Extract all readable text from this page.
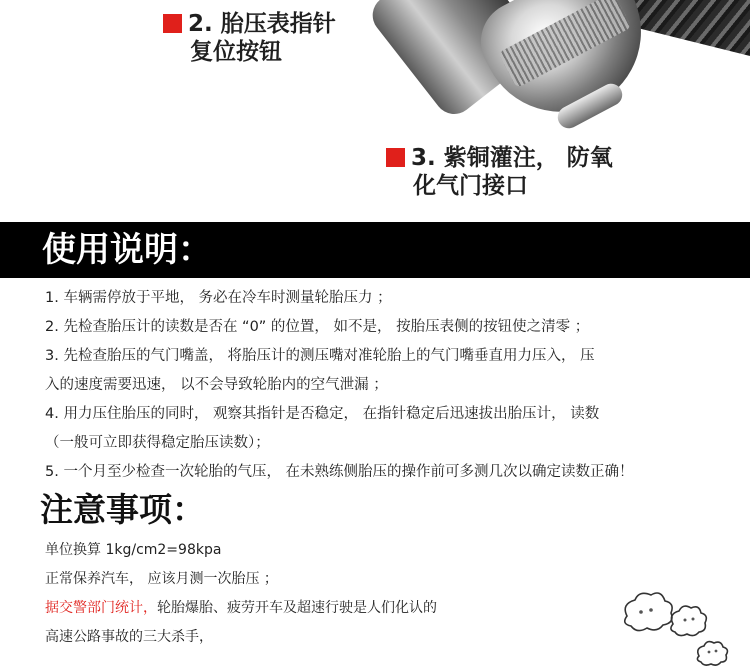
2. 胎压表指针
复位按钮
3. 紫铜灌注， 防氧
化气门接口
使用说明：
1. 车辆需停放于平地， 务必在冷车时测量轮胎压力 ；
2. 先检查胎压计的读数是否在 “0” 的位置， 如不是， 按胎压表侧的按钮使之清零 ；
3. 先检查胎压的气门嘴盖， 将胎压计的测压嘴对准轮胎上的气门嘴垂直用力压入， 压
入的速度需要迅速， 以不会导致轮胎内的空气泄漏 ；
4. 用力压住胎压的同时， 观察其指针是否稳定， 在指针稳定后迅速拔出胎压计， 读数
（一般可立即获得稳定胎压读数）；
5. 一个月至少检查一次轮胎的气压， 在未熟练侧胎压的操作前可多测几次以确定读数正确！
注意事项：
单位换算 1kg/cm2=98kpa
正常保养汽车， 应该月测一次胎压 ；
据交警部门统计，轮胎爆胎、疲劳开车及超速行驶是人们化认的
高速公路事故的三大杀手，
